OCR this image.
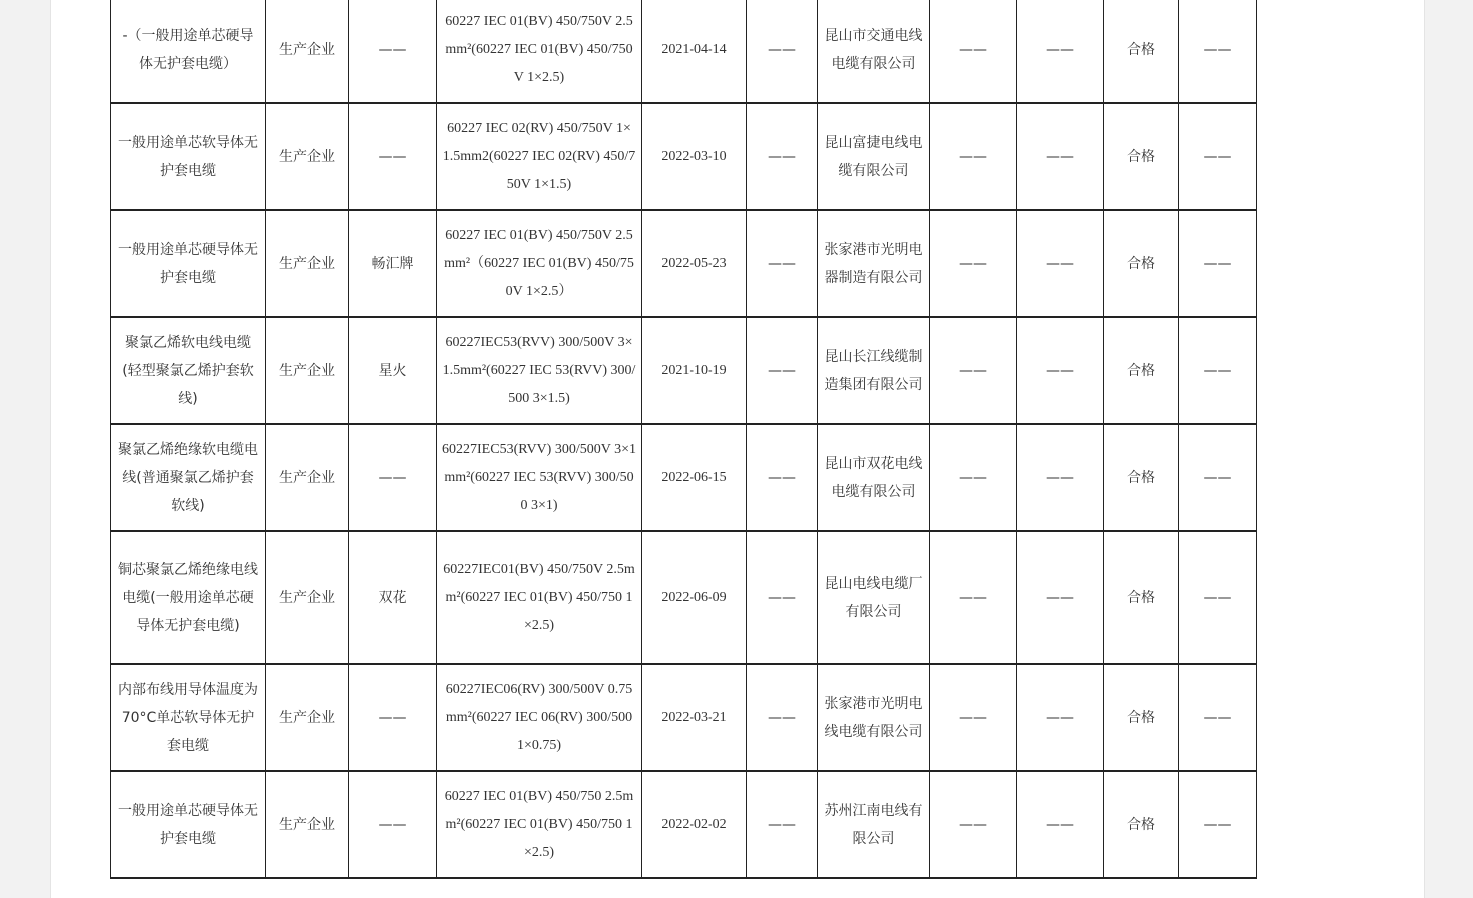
-（一般用途单芯硬导体无护套电缆）	生产企业	——	60227 IEC 01(BV) 450/750V 2.5mm²(60227 IEC 01(BV) 450/750V 1×2.5)	2021-04-14	——	昆山市交通电线电缆有限公司	——	——	合格	——
一般用途单芯软导体无护套电缆	生产企业	——	60227 IEC 02(RV) 450/750V 1×1.5mm2(60227 IEC 02(RV) 450/750V 1×1.5)	2022-03-10	——	昆山富捷电线电缆有限公司	——	——	合格	——
一般用途单芯硬导体无护套电缆	生产企业	畅汇牌	60227 IEC 01(BV) 450/750V 2.5mm²（60227 IEC 01(BV) 450/750V 1×2.5）	2022-05-23	——	张家港市光明电器制造有限公司	——	——	合格	——
聚氯乙烯软电线电缆(轻型聚氯乙烯护套软线)	生产企业	星火	60227IEC53(RVV) 300/500V 3×1.5mm²(60227 IEC 53(RVV) 300/500 3×1.5)	2021-10-19	——	昆山长江线缆制造集团有限公司	——	——	合格	——
聚氯乙烯绝缘软电缆电线(普通聚氯乙烯护套软线)	生产企业	——	60227IEC53(RVV) 300/500V 3×1mm²(60227 IEC 53(RVV) 300/500 3×1)	2022-06-15	——	昆山市双花电线电缆有限公司	——	——	合格	——
铜芯聚氯乙烯绝缘电线电缆(一般用途单芯硬导体无护套电缆)	生产企业	双花	60227IEC01(BV) 450/750V 2.5mm²(60227 IEC 01(BV) 450/750 1×2.5)	2022-06-09	——	昆山电线电缆厂有限公司	——	——	合格	——
内部布线用导体温度为70°C单芯软导体无护套电缆	生产企业	——	60227IEC06(RV) 300/500V 0.75mm²(60227 IEC 06(RV) 300/500 1×0.75)	2022-03-21	——	张家港市光明电线电缆有限公司	——	——	合格	——
一般用途单芯硬导体无护套电缆	生产企业	——	60227 IEC 01(BV) 450/750 2.5mm²(60227 IEC 01(BV) 450/750 1×2.5)	2022-02-02	——	苏州江南电线有限公司	——	——	合格	——
